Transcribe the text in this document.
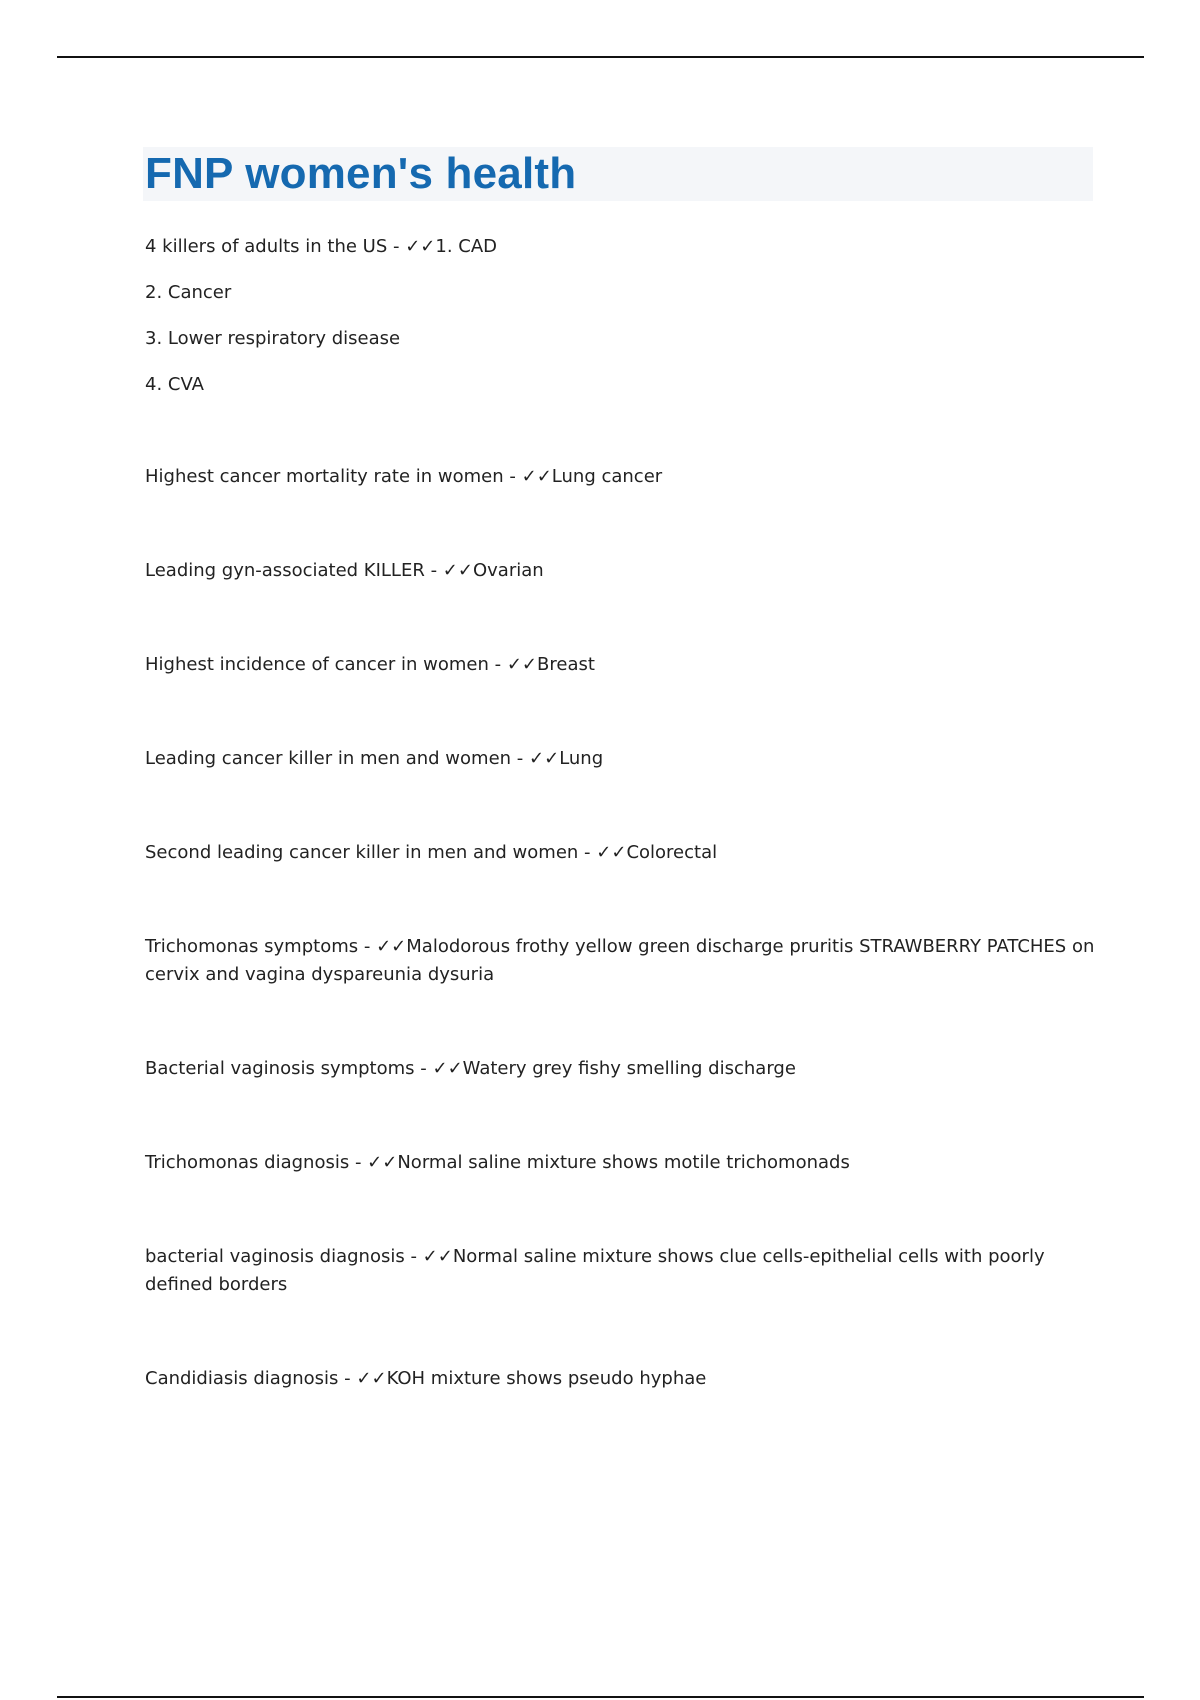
FNP women's health

4 killers of adults in the US - ✓✓1. CAD

2. Cancer

3. Lower respiratory disease

4. CVA

Highest cancer mortality rate in women - ✓✓Lung cancer

Leading gyn-associated KILLER - ✓✓Ovarian

Highest incidence of cancer in women - ✓✓Breast

Leading cancer killer in men and women - ✓✓Lung

Second leading cancer killer in men and women - ✓✓Colorectal

Trichomonas symptoms - ✓✓Malodorous frothy yellow green discharge pruritis STRAWBERRY PATCHES on cervix and vagina dyspareunia dysuria

Bacterial vaginosis symptoms - ✓✓Watery grey fishy smelling discharge

Trichomonas diagnosis - ✓✓Normal saline mixture shows motile trichomonads

bacterial vaginosis diagnosis - ✓✓Normal saline mixture shows clue cells-epithelial cells with poorly defined borders

Candidiasis diagnosis - ✓✓KOH mixture shows pseudo hyphae
